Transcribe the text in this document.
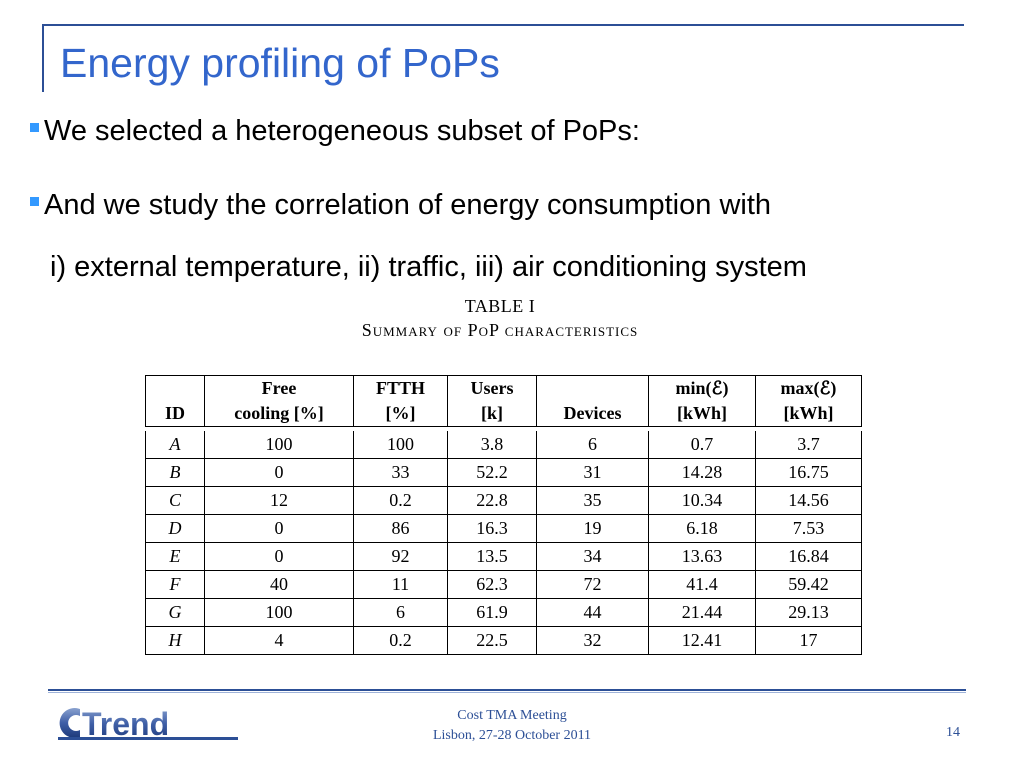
Energy profiling of PoPs
We selected a heterogeneous subset of PoPs:
And we study the correlation of energy consumption with
i) external temperature, ii) traffic, iii) air conditioning system
TABLE I
Summary of PoP characteristics
	Free	FTTH	Users		min(ℰ)	max(ℰ)
ID	cooling [%]	[%]	[k]	Devices	[kWh]	[kWh]

A	100	100	3.8	6	0.7	3.7
B	0	33	52.2	31	14.28	16.75
C	12	0.2	22.8	35	10.34	14.56
D	0	86	16.3	19	6.18	7.53
E	0	92	13.5	34	13.63	16.84
F	40	11	62.3	72	41.4	59.42
G	100	6	61.9	44	21.44	29.13
H	4	0.2	22.5	32	12.41	17
Trend	Cost TMA Meeting
Lisbon, 27-28 October 2011	14
